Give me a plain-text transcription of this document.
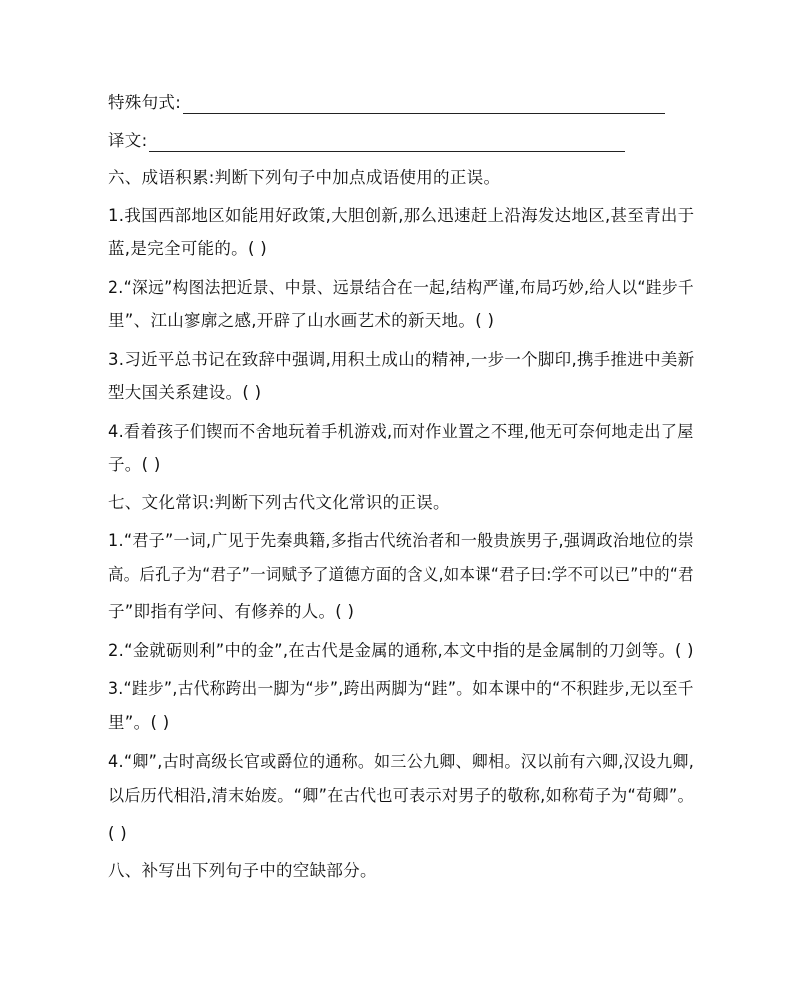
特殊句式:
译文:

六、成语积累:判断下列句子中加点成语使用的正误。

1.我国西部地区如能用好政策,大胆创新,那么迅速赶上沿海发达地区,甚至青出于

蓝,是完全可能的。( )

2.“深远”构图法把近景、中景、远景结合在一起,结构严谨,布局巧妙,给人以“跬步千

里”、江山寥廓之感,开辟了山水画艺术的新天地。( )

3.习近平总书记在致辞中强调,用积土成山的精神,一步一个脚印,携手推进中美新

型大国关系建设。( )

4.看着孩子们锲而不舍地玩着手机游戏,而对作业置之不理,他无可奈何地走出了屋

子。( )

七、文化常识:判断下列古代文化常识的正误。

1.“君子”一词,广见于先秦典籍,多指古代统治者和一般贵族男子,强调政治地位的崇

高。后孔子为“君子”一词赋予了道德方面的含义,如本课“君子曰:学不可以已”中的“君

子”即指有学问、有修养的人。( )

2.“金就砺则利”中的金”,在古代是金属的通称,本文中指的是金属制的刀剑等。( )

3.“跬步”,古代称跨出一脚为“步”,跨出两脚为“跬”。如本课中的“不积跬步,无以至千

里”。( )

4.“卿”,古时高级长官或爵位的通称。如三公九卿、卿相。汉以前有六卿,汉设九卿,

以后历代相沿,清末始废。“卿”在古代也可表示对男子的敬称,如称荀子为“荀卿”。

( )

八、补写出下列句子中的空缺部分。
